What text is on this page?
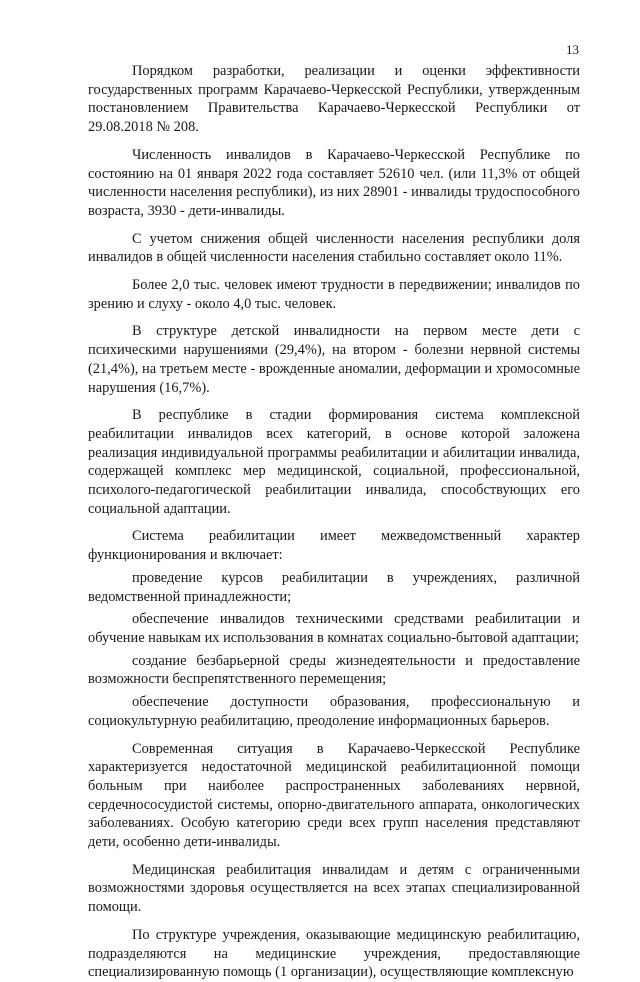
13

Порядком разработки, реализации и оценки эффективности государственных программ Карачаево-Черкесской Республики, утвержденным постановлением Правительства Карачаево-Черкесской Республики от 29.08.2018 № 208.

Численность инвалидов в Карачаево-Черкесской Республике по состоянию на 01 января 2022 года составляет 52610 чел. (или 11,3% от общей численности населения республики), из них 28901 - инвалиды трудоспособного возраста, 3930 - дети-инвалиды.

С учетом снижения общей численности населения республики доля инвалидов в общей численности населения стабильно составляет около 11%.

Более 2,0 тыс. человек имеют трудности в передвижении; инвалидов по зрению и слуху - около 4,0 тыс. человек.

В структуре детской инвалидности на первом месте дети с психическими нарушениями (29,4%), на втором - болезни нервной системы (21,4%), на третьем месте - врожденные аномалии, деформации и хромосомные нарушения (16,7%).

В республике в стадии формирования система комплексной реабилитации инвалидов всех категорий, в основе которой заложена реализация индивидуальной программы реабилитации и абилитации инвалида, содержащей комплекс мер медицинской, социальной, профессиональной, психолого-педагогической реабилитации инвалида, способствующих его социальной адаптации.

Система реабилитации имеет межведомственный характер функционирования и включает:

проведение курсов реабилитации в учреждениях, различной ведомственной принадлежности;

обеспечение инвалидов техническими средствами реабилитации и обучение навыкам их использования в комнатах социально-бытовой адаптации;

создание безбарьерной среды жизнедеятельности и предоставление возможности беспрепятственного перемещения;

обеспечение доступности образования, профессиональную и социокультурную реабилитацию, преодоление информационных барьеров.

Современная ситуация в Карачаево-Черкесской Республике характеризуется недостаточной медицинской реабилитационной помощи больным при наиболее распространенных заболеваниях нервной, сердечнососудистой системы, опорно-двигательного аппарата, онкологических заболеваниях. Особую категорию среди всех групп населения представляют дети, особенно дети-инвалиды.

Медицинская реабилитация инвалидам и детям с ограниченными возможностями здоровья осуществляется на всех этапах специализированной помощи.

По структуре учреждения, оказывающие медицинскую реабилитацию, подразделяются на медицинские учреждения, предоставляющие специализированную помощь (1 организации), осуществляющие комплексную
